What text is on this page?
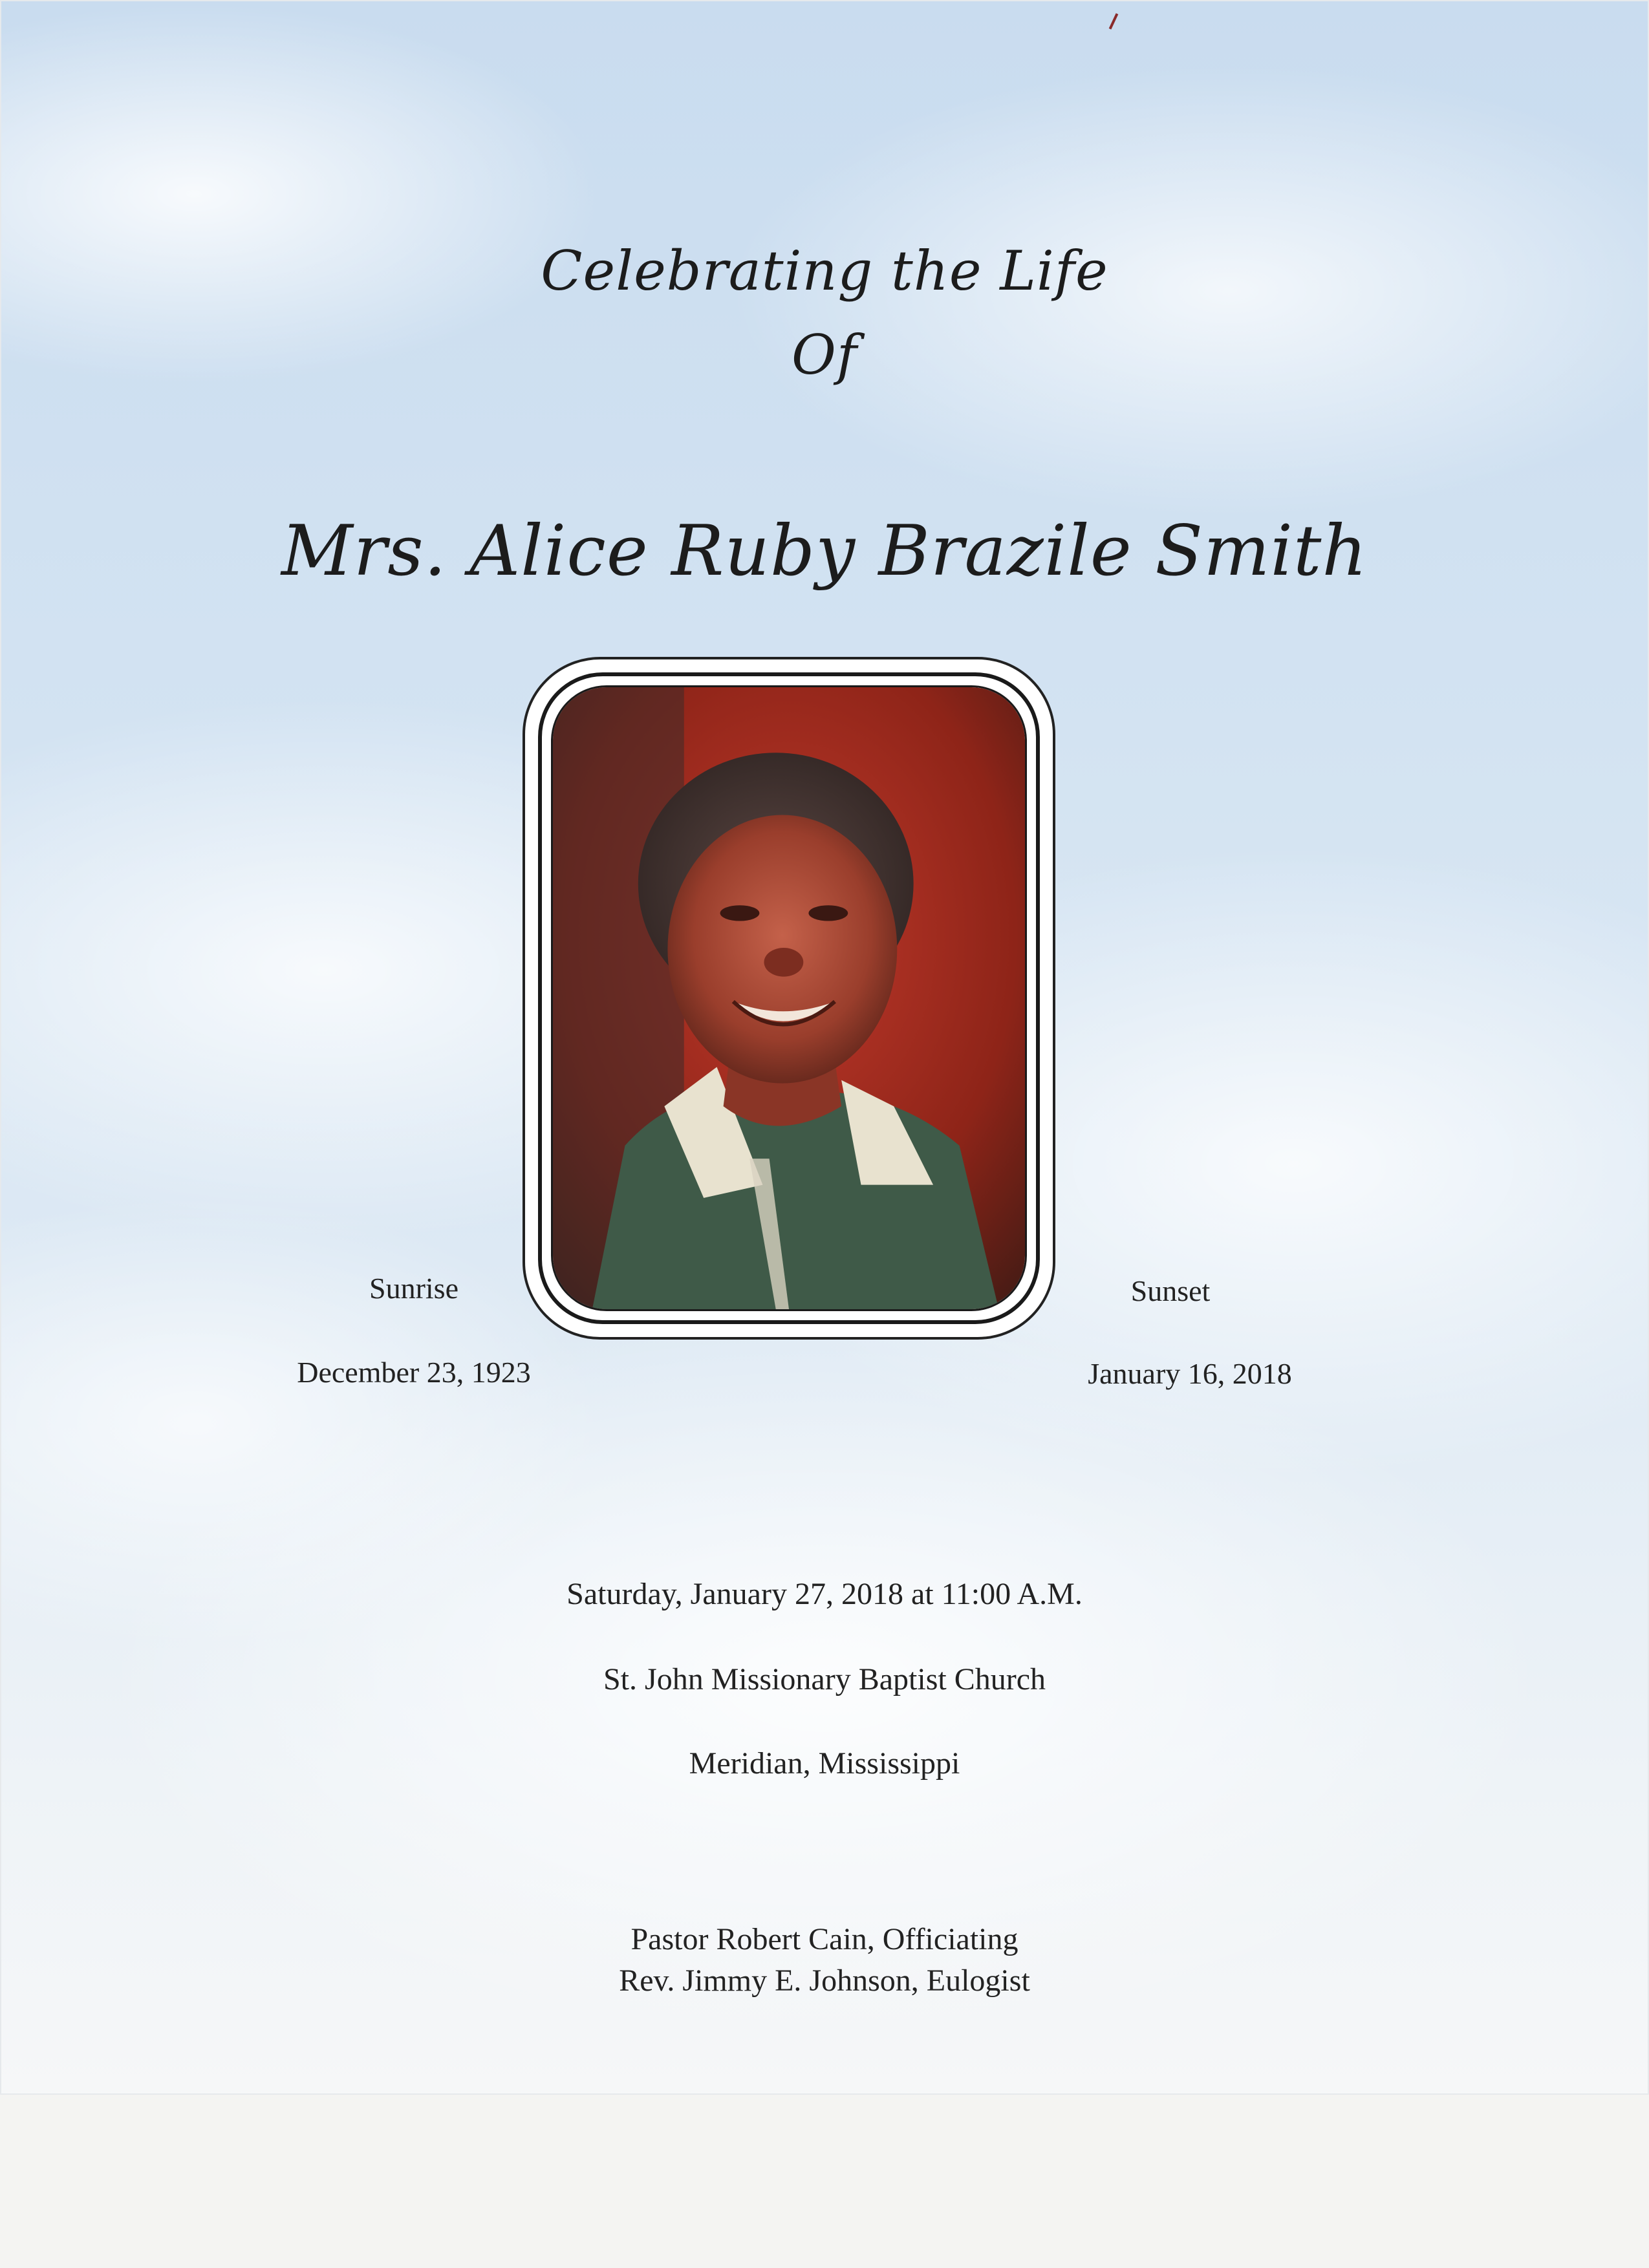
Celebrating the Life
Of
Mrs. Alice Ruby Brazile Smith
Sunrise
December 23, 1923
Sunset
January 16, 2018
Saturday, January 27, 2018 at 11:00 A.M.
St. John Missionary Baptist Church
Meridian, Mississippi
Pastor Robert Cain, Officiating
Rev. Jimmy E. Johnson, Eulogist
